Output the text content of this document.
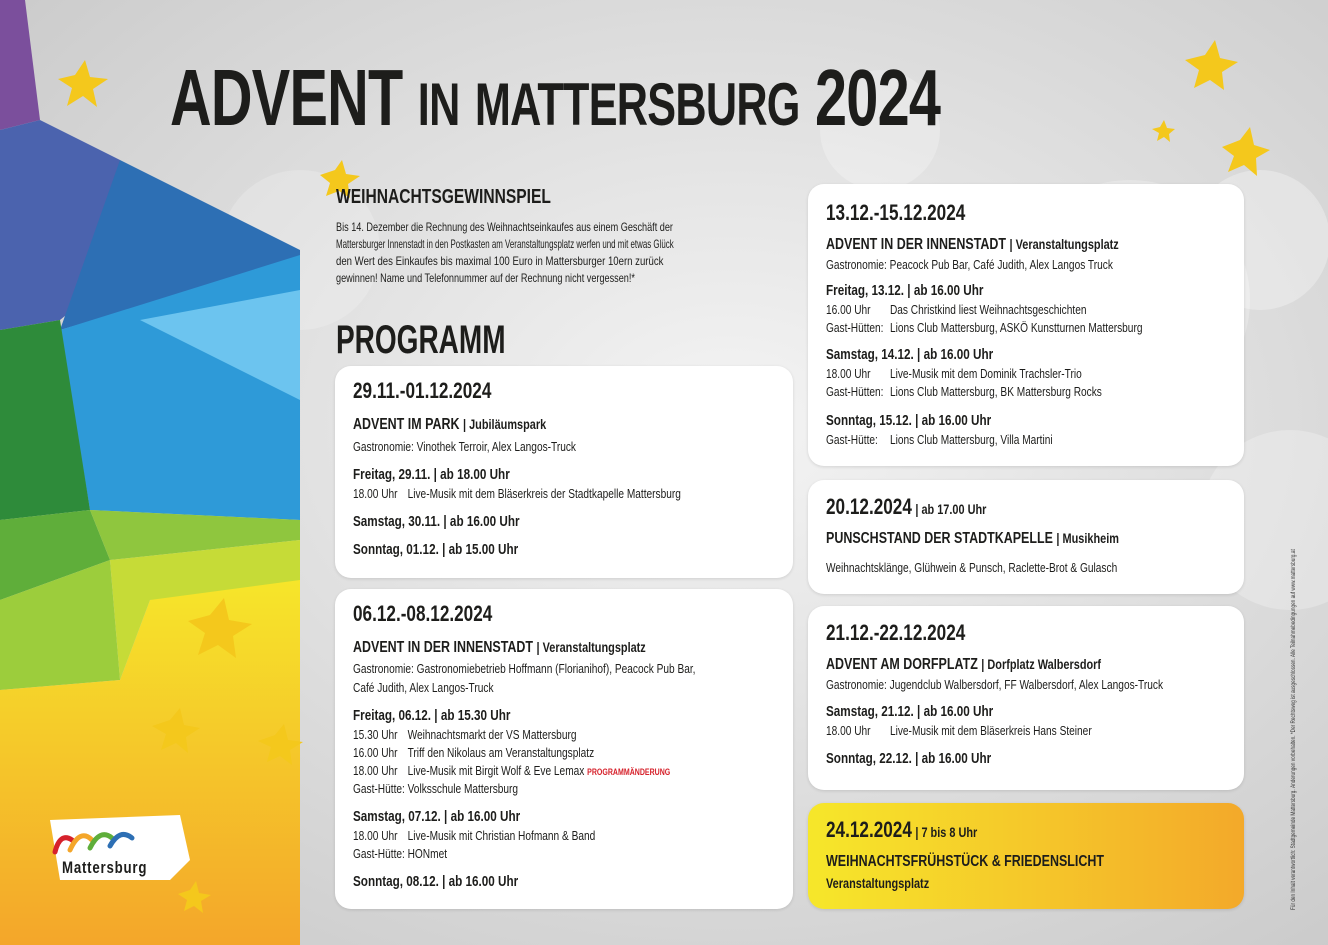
ADVENT IN MATTERSBURG 2024
WEIHNACHTSGEWINNSPIEL
Bis 14. Dezember die Rechnung des Weihnachtseinkaufes aus einem Geschäft der
Mattersburger Innenstadt in den Postkasten am Veranstaltungsplatz werfen und mit etwas Glück
den Wert des Einkaufes bis maximal 100 Euro in Mattersburger 10ern zurück
gewinnen! Name und Telefonnummer auf der Rechnung nicht vergessen!*
PROGRAMM
29.11.-01.12.2024
ADVENT IM PARK | Jubiläumspark
Gastronomie: Vinothek Terroir, Alex Langos-Truck
Freitag, 29.11. | ab 18.00 Uhr
18.00 Uhr Live-Musik mit dem Bläserkreis der Stadtkapelle Mattersburg
Samstag, 30.11. | ab 16.00 Uhr
Sonntag, 01.12. | ab 15.00 Uhr
06.12.-08.12.2024
ADVENT IN DER INNENSTADT | Veranstaltungsplatz
Gastronomie: Gastronomiebetrieb Hoffmann (Florianihof), Peacock Pub Bar,
Café Judith, Alex Langos-Truck
Freitag, 06.12. | ab 15.30 Uhr
15.30 Uhr Weihnachtsmarkt der VS Mattersburg
16.00 Uhr Triff den Nikolaus am Veranstaltungsplatz
18.00 Uhr Live-Musik mit Birgit Wolf & Eve Lemax PROGRAMMÄNDERUNG
Gast-Hütte: Volksschule Mattersburg
Samstag, 07.12. | ab 16.00 Uhr
18.00 Uhr Live-Musik mit Christian Hofmann & Band
Gast-Hütte: HONmet
Sonntag, 08.12. | ab 16.00 Uhr
13.12.-15.12.2024
ADVENT IN DER INNENSTADT | Veranstaltungsplatz
Gastronomie: Peacock Pub Bar, Café Judith, Alex Langos Truck
Freitag, 13.12. | ab 16.00 Uhr
16.00 Uhr Das Christkind liest Weihnachtsgeschichten
Gast-Hütten: Lions Club Mattersburg, ASKÖ Kunstturnen Mattersburg
Samstag, 14.12. | ab 16.00 Uhr
18.00 Uhr Live-Musik mit dem Dominik Trachsler-Trio
Gast-Hütten: Lions Club Mattersburg, BK Mattersburg Rocks
Sonntag, 15.12. | ab 16.00 Uhr
Gast-Hütte: Lions Club Mattersburg, Villa Martini
20.12.2024 | ab 17.00 Uhr
PUNSCHSTAND DER STADTKAPELLE | Musikheim
Weihnachtsklänge, Glühwein & Punsch, Raclette-Brot & Gulasch
21.12.-22.12.2024
ADVENT AM DORFPLATZ | Dorfplatz Walbersdorf
Gastronomie: Jugendclub Walbersdorf, FF Walbersdorf, Alex Langos-Truck
Samstag, 21.12. | ab 16.00 Uhr
18.00 Uhr Live-Musik mit dem Bläserkreis Hans Steiner
Sonntag, 22.12. | ab 16.00 Uhr
24.12.2024 | 7 bis 8 Uhr
WEIHNACHTSFRÜHSTÜCK & FRIEDENSLICHT
Veranstaltungsplatz
Mattersburg	Für den Inhalt verantwortlich: Stadtgemeinde Mattersburg. Änderungen vorbehalten. *Der Rechtsweg ist ausgeschlossen. Alle Teilnahmebedingungen auf www.mattersburg.at
